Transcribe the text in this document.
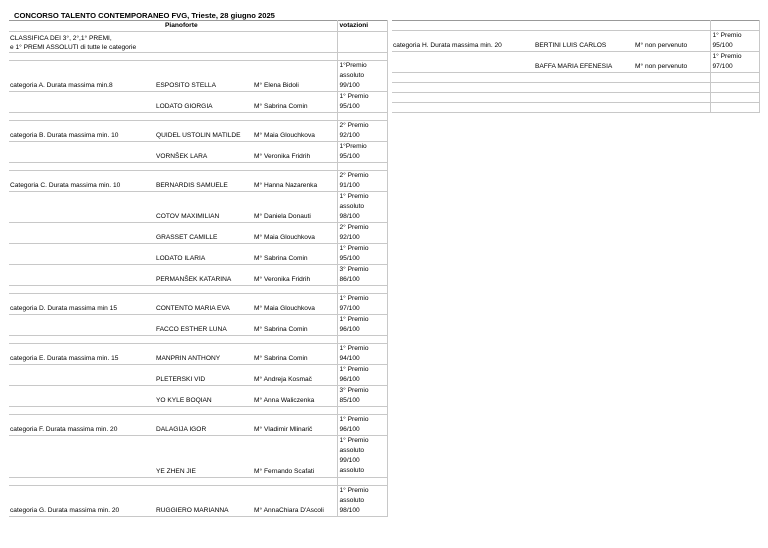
CONCORSO TALENTO CONTEMPORANEO FVG, Trieste, 28 giugno 2025
	Pianoforte		votazioni

CLASSIFICA DEI 3°, 2°,1° PREMI,
e 1° PREMI ASSOLUTI di tutte le categorie			

categoria A. Durata massima min.8	ESPOSITO STELLA	M° Elena Bidoli	1°Premio assoluto 99/100
	LODATO GIORGIA	M° Sabrina Comin	1° Premio 95/100

categoria B. Durata massima min. 10	QUIDEL USTOLIN MATILDE	M° Maia Glouchkova	2° Premio 92/100
	VORNŠEK LARA	M° Veronika Fridrih	1°Premio 95/100

Categoria C. Durata massima min. 10	BERNARDIS SAMUELE	M° Hanna Nazarenka	2° Premio 91/100
	COTOV MAXIMILIAN	M° Daniela Donauti	1° Premio assoluto 98/100
	GRASSET CAMILLE	M° Maia Glouchkova	2° Premio 92/100
	LODATO ILARIA	M° Sabrina Comin	1° Premio 95/100
	PERMANŠEK KATARINA	M° Veronika Fridrih	3° Premio 86/100

categoria D. Durata massima min 15	CONTENTO MARIA EVA	M° Maia Glouchkova	1° Premio 97/100
	FACCO ESTHER LUNA	M° Sabrina Comin	1° Premio 96/100

categoria E. Durata massima min. 15	MANPRIN ANTHONY	M° Sabrina Comin	1° Premio 94/100
	PLETERSKI VID	M° Andreja Kosmač	1° Premio 96/100
	YO KYLE BOQIAN	M° Anna Waliczenka	3° Premio 85/100

categoria F. Durata massima min. 20	DALAGIJA IGOR	M° Vladimir Mlinarič	1° Premio 96/100
	YE ZHEN JIE	M° Fernando Scafati	1° Premio assoluto 99/100 assoluto

categoria G. Durata massima min. 20	RUGGIERO MARIANNA	M° AnnaChiara D'Ascoli	1° Premio assoluto 98/100

categoria H. Durata massima min. 20	BERTINI LUIS CARLOS	M° non pervenuto	1° Premio 95/100
	BAFFA MARIA EFENESIA	M° non pervenuto	1° Premio 97/100
